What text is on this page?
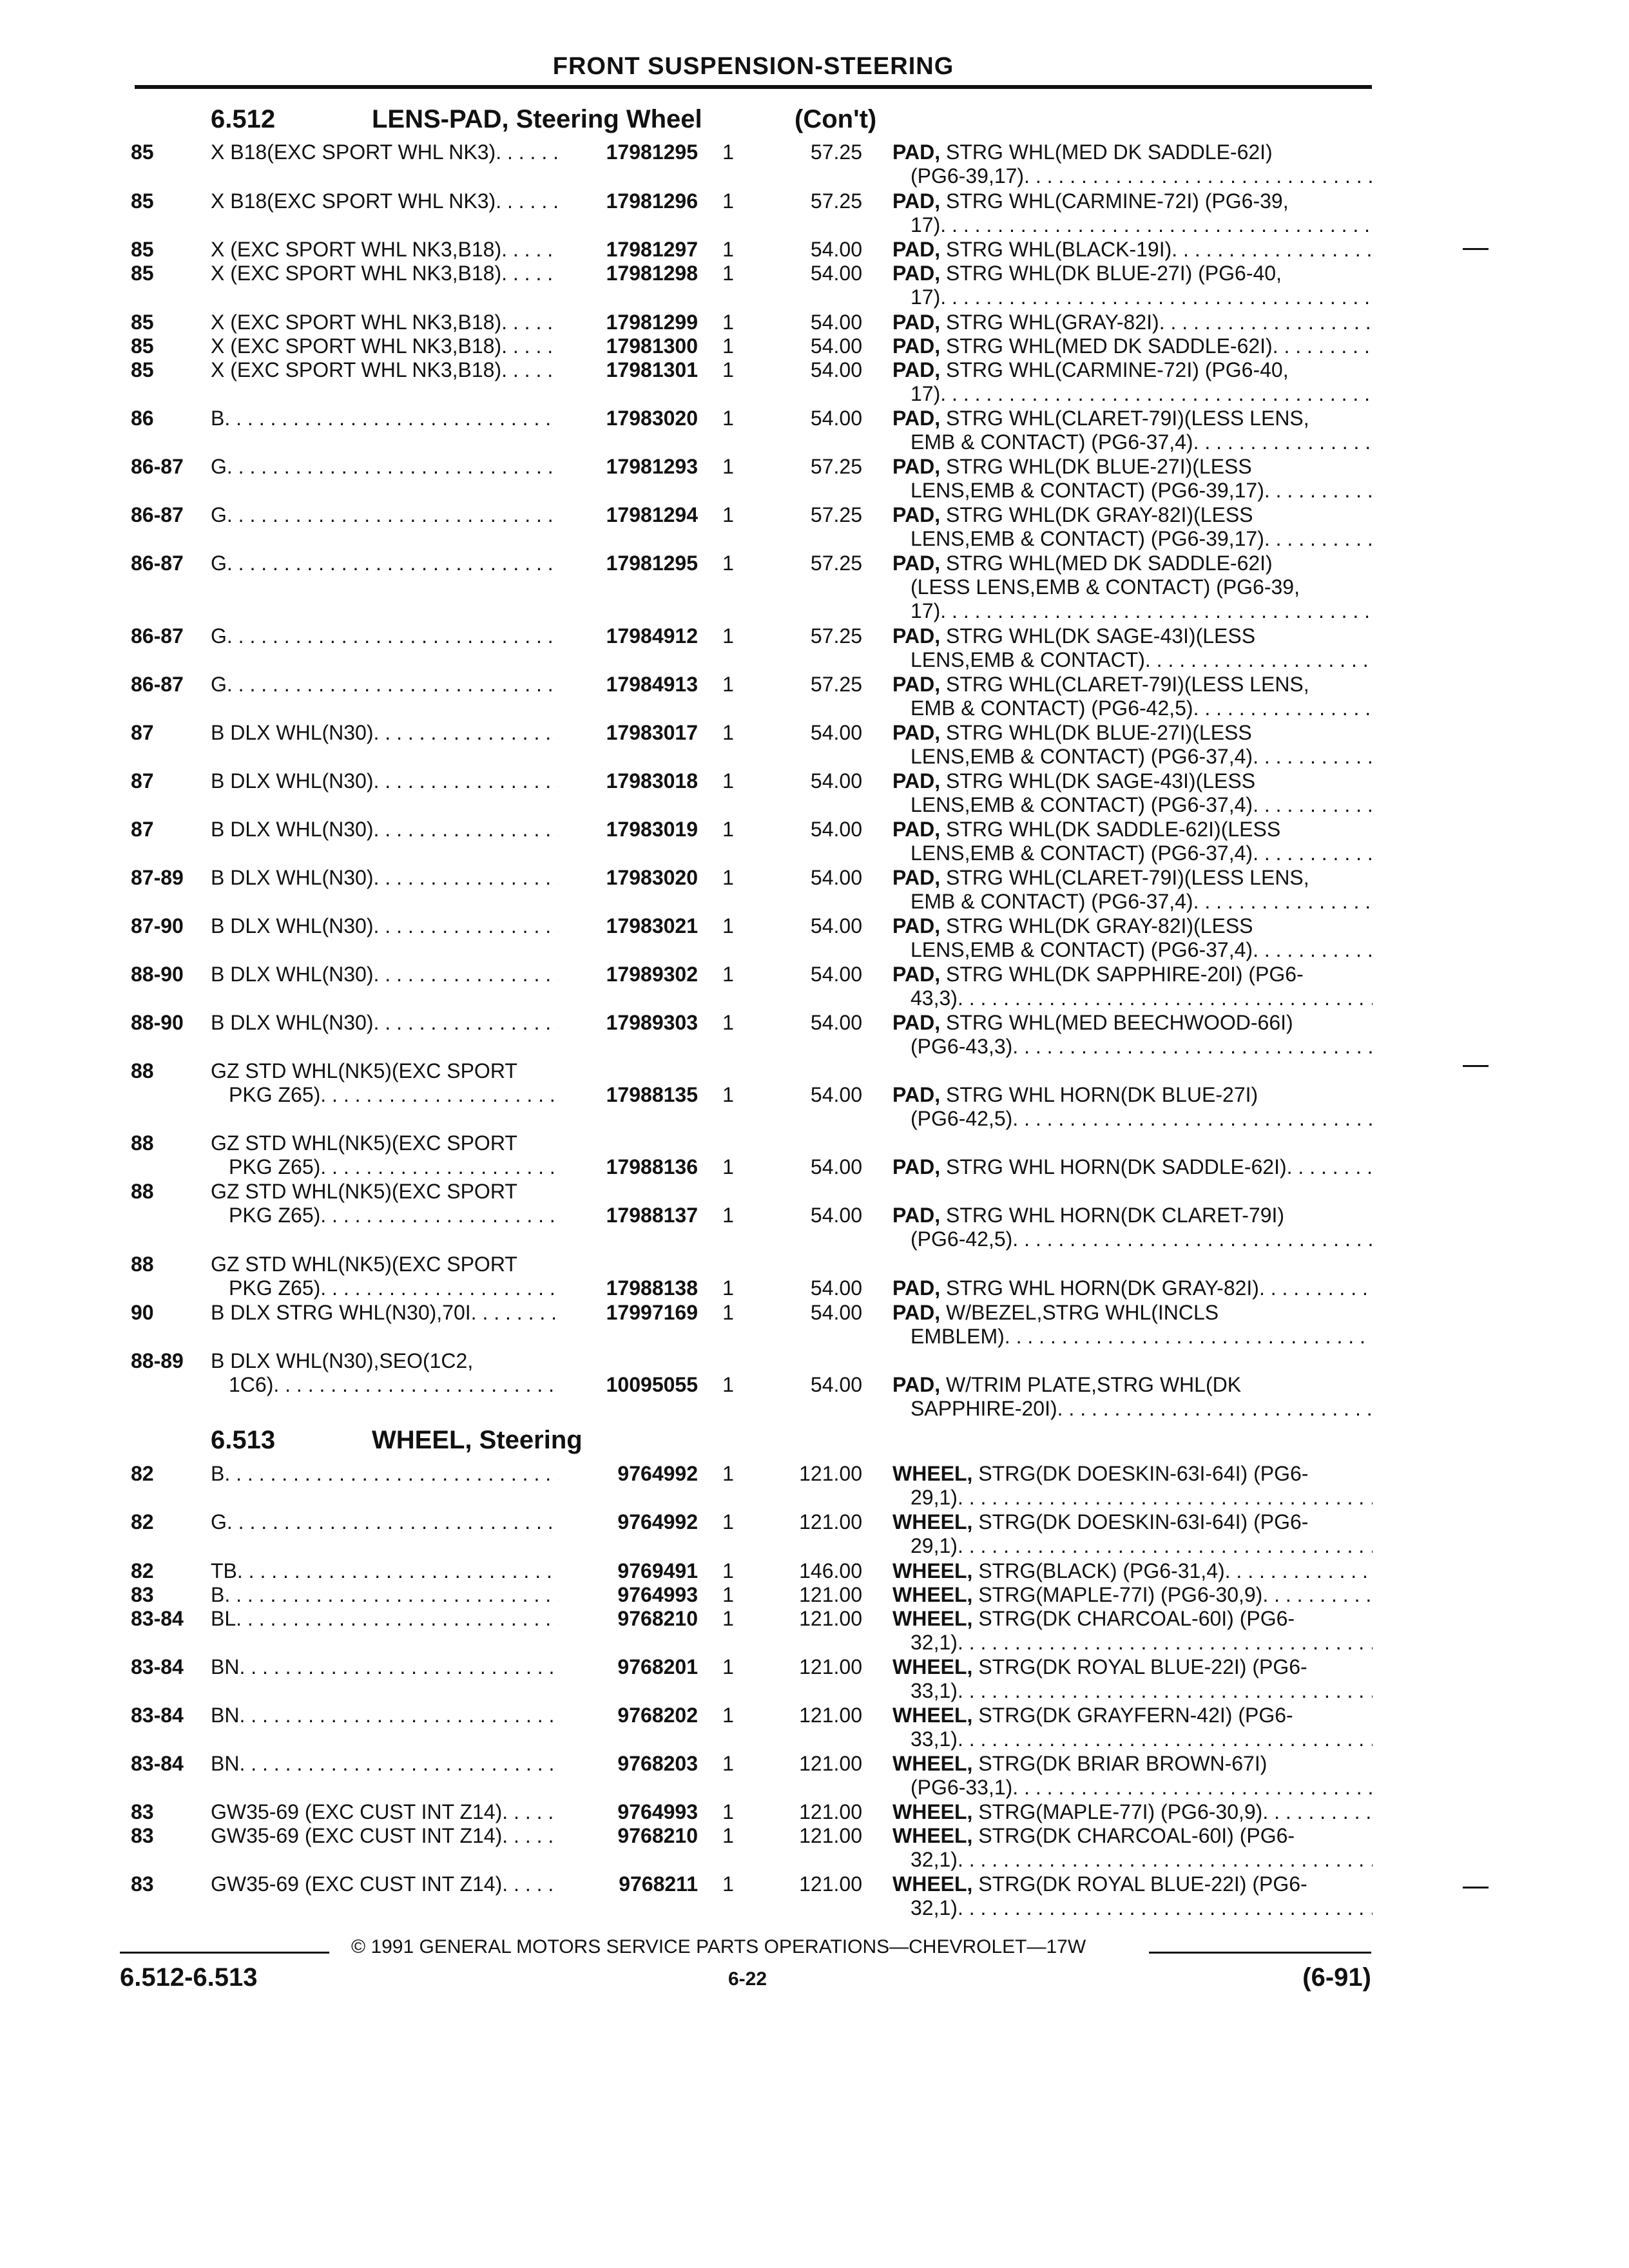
FRONT SUSPENSION-STEERING
6.512	LENS-PAD, Steering Wheel	(Con't)
6.513	WHEEL, Steering
85	X B18(EXC SPORT WHL NK3) . . .	17981295 1	57.25 PAD, STRG WHL(MED DK SADDLE-62I)
(PG6-39,17)
. . .
85	X B18(EXC SPORT WHL NK3) . . .	17981296 1	57.25 PAD, STRG WHL(CARMINE-72I) (PG6-39,
17)
. . .
85	X (EXC SPORT WHL NK3,B18) . . .	17981297 1	54.00 PAD, STRG WHL(BLACK-19I)
. . .
85	X (EXC SPORT WHL NK3,B18) . . .	17981298 1	54.00 PAD, STRG WHL(DK BLUE-27I) (PG6-40,
17)
. . .
85	X (EXC SPORT WHL NK3,B18) . . .	17981299 1	54.00 PAD, STRG WHL(GRAY-82I)
. . .
85	X (EXC SPORT WHL NK3,B18) . . .	17981300 1	54.00 PAD, STRG WHL(MED DK SADDLE-62I)
. . .
85	X (EXC SPORT WHL NK3,B18) . . .	17981301 1	54.00 PAD, STRG WHL(CARMINE-72I) (PG6-40,
17)
. . .
86	B . . .	17983020 1	54.00 PAD, STRG WHL(CLARET-79I)(LESS LENS,
EMB & CONTACT) (PG6-37,4)
. . .
86-87	G . . .	17981293 1	57.25 PAD, STRG WHL(DK BLUE-27I)(LESS
LENS,EMB & CONTACT) (PG6-39,17)
. . .
86-87	G . . .	17981294 1	57.25 PAD, STRG WHL(DK GRAY-82I)(LESS
LENS,EMB & CONTACT) (PG6-39,17)
. . .
86-87	G . . .	17981295 1	57.25 PAD, STRG WHL(MED DK SADDLE-62I)
(LESS LENS,EMB & CONTACT) (PG6-39,
17)
. . .
86-87	G . . .	17984912 1	57.25 PAD, STRG WHL(DK SAGE-43I)(LESS
LENS,EMB & CONTACT)
. . .
86-87	G . . .	17984913 1	57.25 PAD, STRG WHL(CLARET-79I)(LESS LENS,
EMB & CONTACT) (PG6-42,5)
. . .
87	B DLX WHL(N30) . . .	17983017 1	54.00 PAD, STRG WHL(DK BLUE-27I)(LESS
LENS,EMB & CONTACT) (PG6-37,4)
. . .
87	B DLX WHL(N30) . . .	17983018 1	54.00 PAD, STRG WHL(DK SAGE-43I)(LESS
LENS,EMB & CONTACT) (PG6-37,4)
. . .
87	B DLX WHL(N30) . . .	17983019 1	54.00 PAD, STRG WHL(DK SADDLE-62I)(LESS
LENS,EMB & CONTACT) (PG6-37,4)
. . .
87-89	B DLX WHL(N30) . . .	17983020 1	54.00 PAD, STRG WHL(CLARET-79I)(LESS LENS,
EMB & CONTACT) (PG6-37,4)
. . .
87-90	B DLX WHL(N30) . . .	17983021 1	54.00 PAD, STRG WHL(DK GRAY-82I)(LESS
LENS,EMB & CONTACT) (PG6-37,4)
. . .
88-90	B DLX WHL(N30) . . .	17989302 1	54.00 PAD, STRG WHL(DK SAPPHIRE-20I) (PG6-
43,3)
. . .
88-90	B DLX WHL(N30) . . .	17989303 1	54.00 PAD, STRG WHL(MED BEECHWOOD-66I)
(PG6-43,3)
. . .
88	GZ STD WHL(NK5)(EXC SPORT
PKG Z65) . . .	17988135 1	54.00 PAD, STRG WHL HORN(DK BLUE-27I)
(PG6-42,5)
. . .
88	GZ STD WHL(NK5)(EXC SPORT
PKG Z65) . . .	17988136 1	54.00 PAD, STRG WHL HORN(DK SADDLE-62I)
. . .
88	GZ STD WHL(NK5)(EXC SPORT
PKG Z65) . . .	17988137 1	54.00 PAD, STRG WHL HORN(DK CLARET-79I)
(PG6-42,5)
. . .
88	GZ STD WHL(NK5)(EXC SPORT
PKG Z65) . . .	17988138 1	54.00 PAD, STRG WHL HORN(DK GRAY-82I)
. . .
90	B DLX STRG WHL(N30),70I . . .	17997169 1	54.00 PAD, W/BEZEL,STRG WHL(INCLS
EMBLEM)
. . .
88-89	B DLX WHL(N30),SEO(1C2,
1C6) . . .	10095055 1	54.00 PAD, W/TRIM PLATE,STRG WHL(DK
SAPPHIRE-20I)
. . .
82	B . . .	9764992 1	121.00 WHEEL, STRG(DK DOESKIN-63I-64I) (PG6-
29,1)
. . .
82	G . . .	9764992 1	121.00 WHEEL, STRG(DK DOESKIN-63I-64I) (PG6-
29,1)
. . .
82	TB . . .	9769491 1	146.00 WHEEL, STRG(BLACK) (PG6-31,4)
. . .
83	B . . .	9764993 1	121.00 WHEEL, STRG(MAPLE-77I) (PG6-30,9)
. . .
83-84	BL . . .	9768210 1	121.00 WHEEL, STRG(DK CHARCOAL-60I) (PG6-
32,1)
. . .
83-84	BN . . .	9768201 1	121.00 WHEEL, STRG(DK ROYAL BLUE-22I) (PG6-
33,1)
. . .
83-84	BN . . .	9768202 1	121.00 WHEEL, STRG(DK GRAYFERN-42I) (PG6-
33,1)
. . .
83-84	BN . . .	9768203 1	121.00 WHEEL, STRG(DK BRIAR BROWN-67I)
(PG6-33,1)
. . .
83	GW35-69 (EXC CUST INT Z14) . . .	9764993 1	121.00 WHEEL, STRG(MAPLE-77I) (PG6-30,9)
. . .
83	GW35-69 (EXC CUST INT Z14) . . .	9768210 1	121.00 WHEEL, STRG(DK CHARCOAL-60I) (PG6-
32,1)
. . .
83	GW35-69 (EXC CUST INT Z14) . . .	9768211 1	121.00 WHEEL, STRG(DK ROYAL BLUE-22I) (PG6-
32,1)
. . .
© 1991 GENERAL MOTORS SERVICE PARTS OPERATIONS—CHEVROLET—17W
6.512-6.513	6-22	(6-91)
